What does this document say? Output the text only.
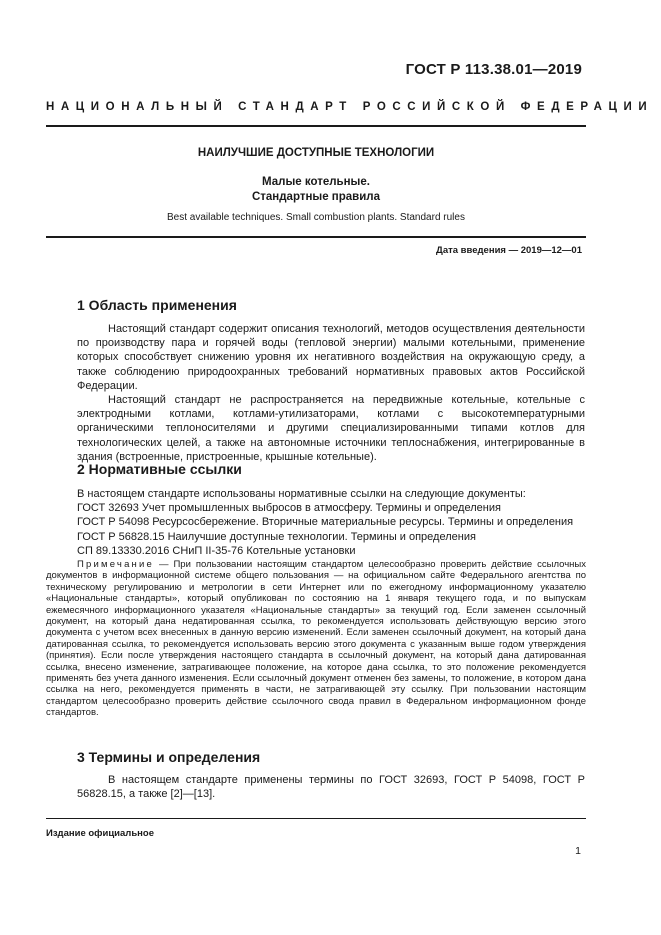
ГОСТ Р 113.38.01—2019
НАЦИОНАЛЬНЫЙ СТАНДАРТ РОССИЙСКОЙ ФЕДЕРАЦИИ
НАИЛУЧШИЕ ДОСТУПНЫЕ ТЕХНОЛОГИИ
Малые котельные.
Стандартные правила
Best available techniques. Small combustion plants. Standard rules
Дата введения — 2019—12—01
1 Область применения

Настоящий стандарт содержит описания технологий, методов осуществления деятельности по производству пара и горячей воды (тепловой энергии) малыми котельными, применение которых способствует снижению уровня их негативного воздействия на окружающую среду, а также соблюдению природоохранных требований нормативных правовых актов Российской Федерации.

Настоящий стандарт не распространяется на передвижные котельные, котельные с электродными котлами, котлами-утилизаторами, котлами с высокотемпературными органическими теплоносителями и другими специализированными типами котлов для технологических целей, а также на автономные источники теплоснабжения, интегрированные в здания (встроенные, пристроенные, крышные котельные).

2 Нормативные ссылки
В настоящем стандарте использованы нормативные ссылки на следующие документы:
ГОСТ 32693 Учет промышленных выбросов в атмосферу. Термины и определения
ГОСТ Р 54098 Ресурсосбережение. Вторичные материальные ресурсы. Термины и определения
ГОСТ Р 56828.15 Наилучшие доступные технологии. Термины и определения
СП 89.13330.2016 СНиП II-35-76 Котельные установки
Примечание — При пользовании настоящим стандартом целесообразно проверить действие ссылочных документов в информационной системе общего пользования — на официальном сайте Федерального агентства по техническому регулированию и метрологии в сети Интернет или по ежегодному информационному указателю «Национальные стандарты», который опубликован по состоянию на 1 января текущего года, и по выпускам ежемесячного информационного указателя «Национальные стандарты» за текущий год. Если заменен ссылочный документ, на который дана недатированная ссылка, то рекомендуется использовать действующую версию этого документа с учетом всех внесенных в данную версию изменений. Если заменен ссылочный документ, на который дана датированная ссылка, то рекомендуется использовать версию этого документа с указанным выше годом утверждения (принятия). Если после утверждения настоящего стандарта в ссылочный документ, на который дана датированная ссылка, внесено изменение, затрагивающее положение, на которое дана ссылка, то это положение рекомендуется применять без учета данного изменения. Если ссылочный документ отменен без замены, то положение, в котором дана ссылка на него, рекомендуется применять в части, не затрагивающей эту ссылку. При пользовании настоящим стандартом целесообразно проверить действие ссылочного свода правил в Федеральном информационном фонде стандартов.
3 Термины и определения

В настоящем стандарте применены термины по ГОСТ 32693, ГОСТ Р 54098, ГОСТ Р 56828.15, а также [2]—[13].

Издание официальное
1
